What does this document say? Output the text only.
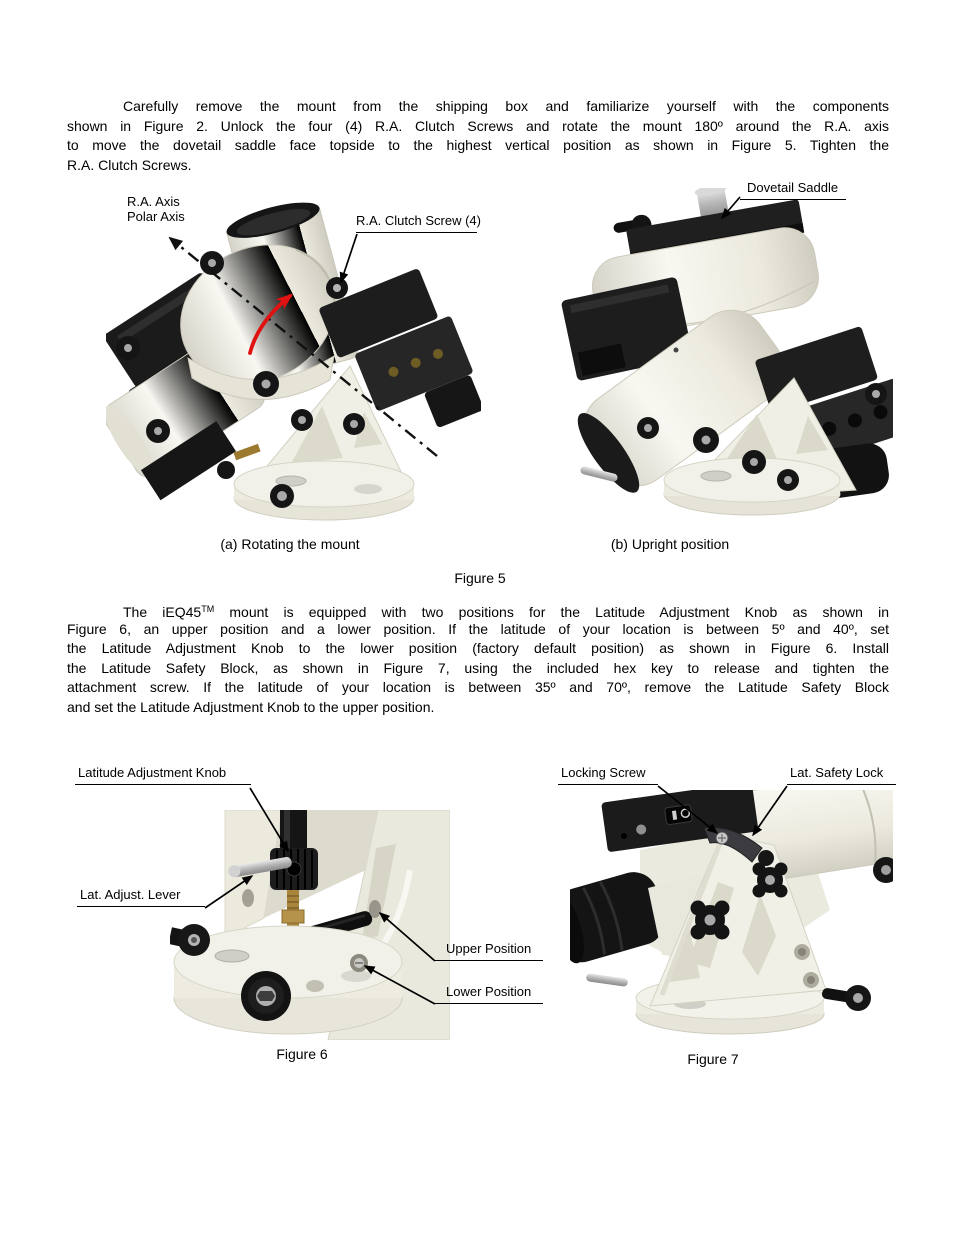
Carefully remove the mount from the shipping box and familiarize yourself with the components
shown in Figure 2. Unlock the four (4) R.A. Clutch Screws and rotate the mount 180º around the R.A. axis
to move the dovetail saddle face topside to the highest vertical position as shown in Figure 5. Tighten the
R.A. Clutch Screws.
R.A. Axis
Polar Axis	R.A. Clutch Screw (4)
Dovetail Saddle
(a) Rotating the mount	(b) Upright position
Figure 5
The iEQ45™ mount is equipped with two positions for the Latitude Adjustment Knob as shown in
Figure 6, an upper position and a lower position. If the latitude of your location is between 5º and 40º, set
the Latitude Adjustment Knob to the lower position (factory default position) as shown in Figure 6. Install
the Latitude Safety Block, as shown in Figure 7, using the included hex key to release and tighten the
attachment screw. If the latitude of your location is between 35º and 70º, remove the Latitude Safety Block
and set the Latitude Adjustment Knob to the upper position.
Latitude Adjustment Knob
Lat. Adjust. Lever
Upper Position
Lower Position
Locking Screw	Lat. Safety Lock
Figure 6	Figure 7
